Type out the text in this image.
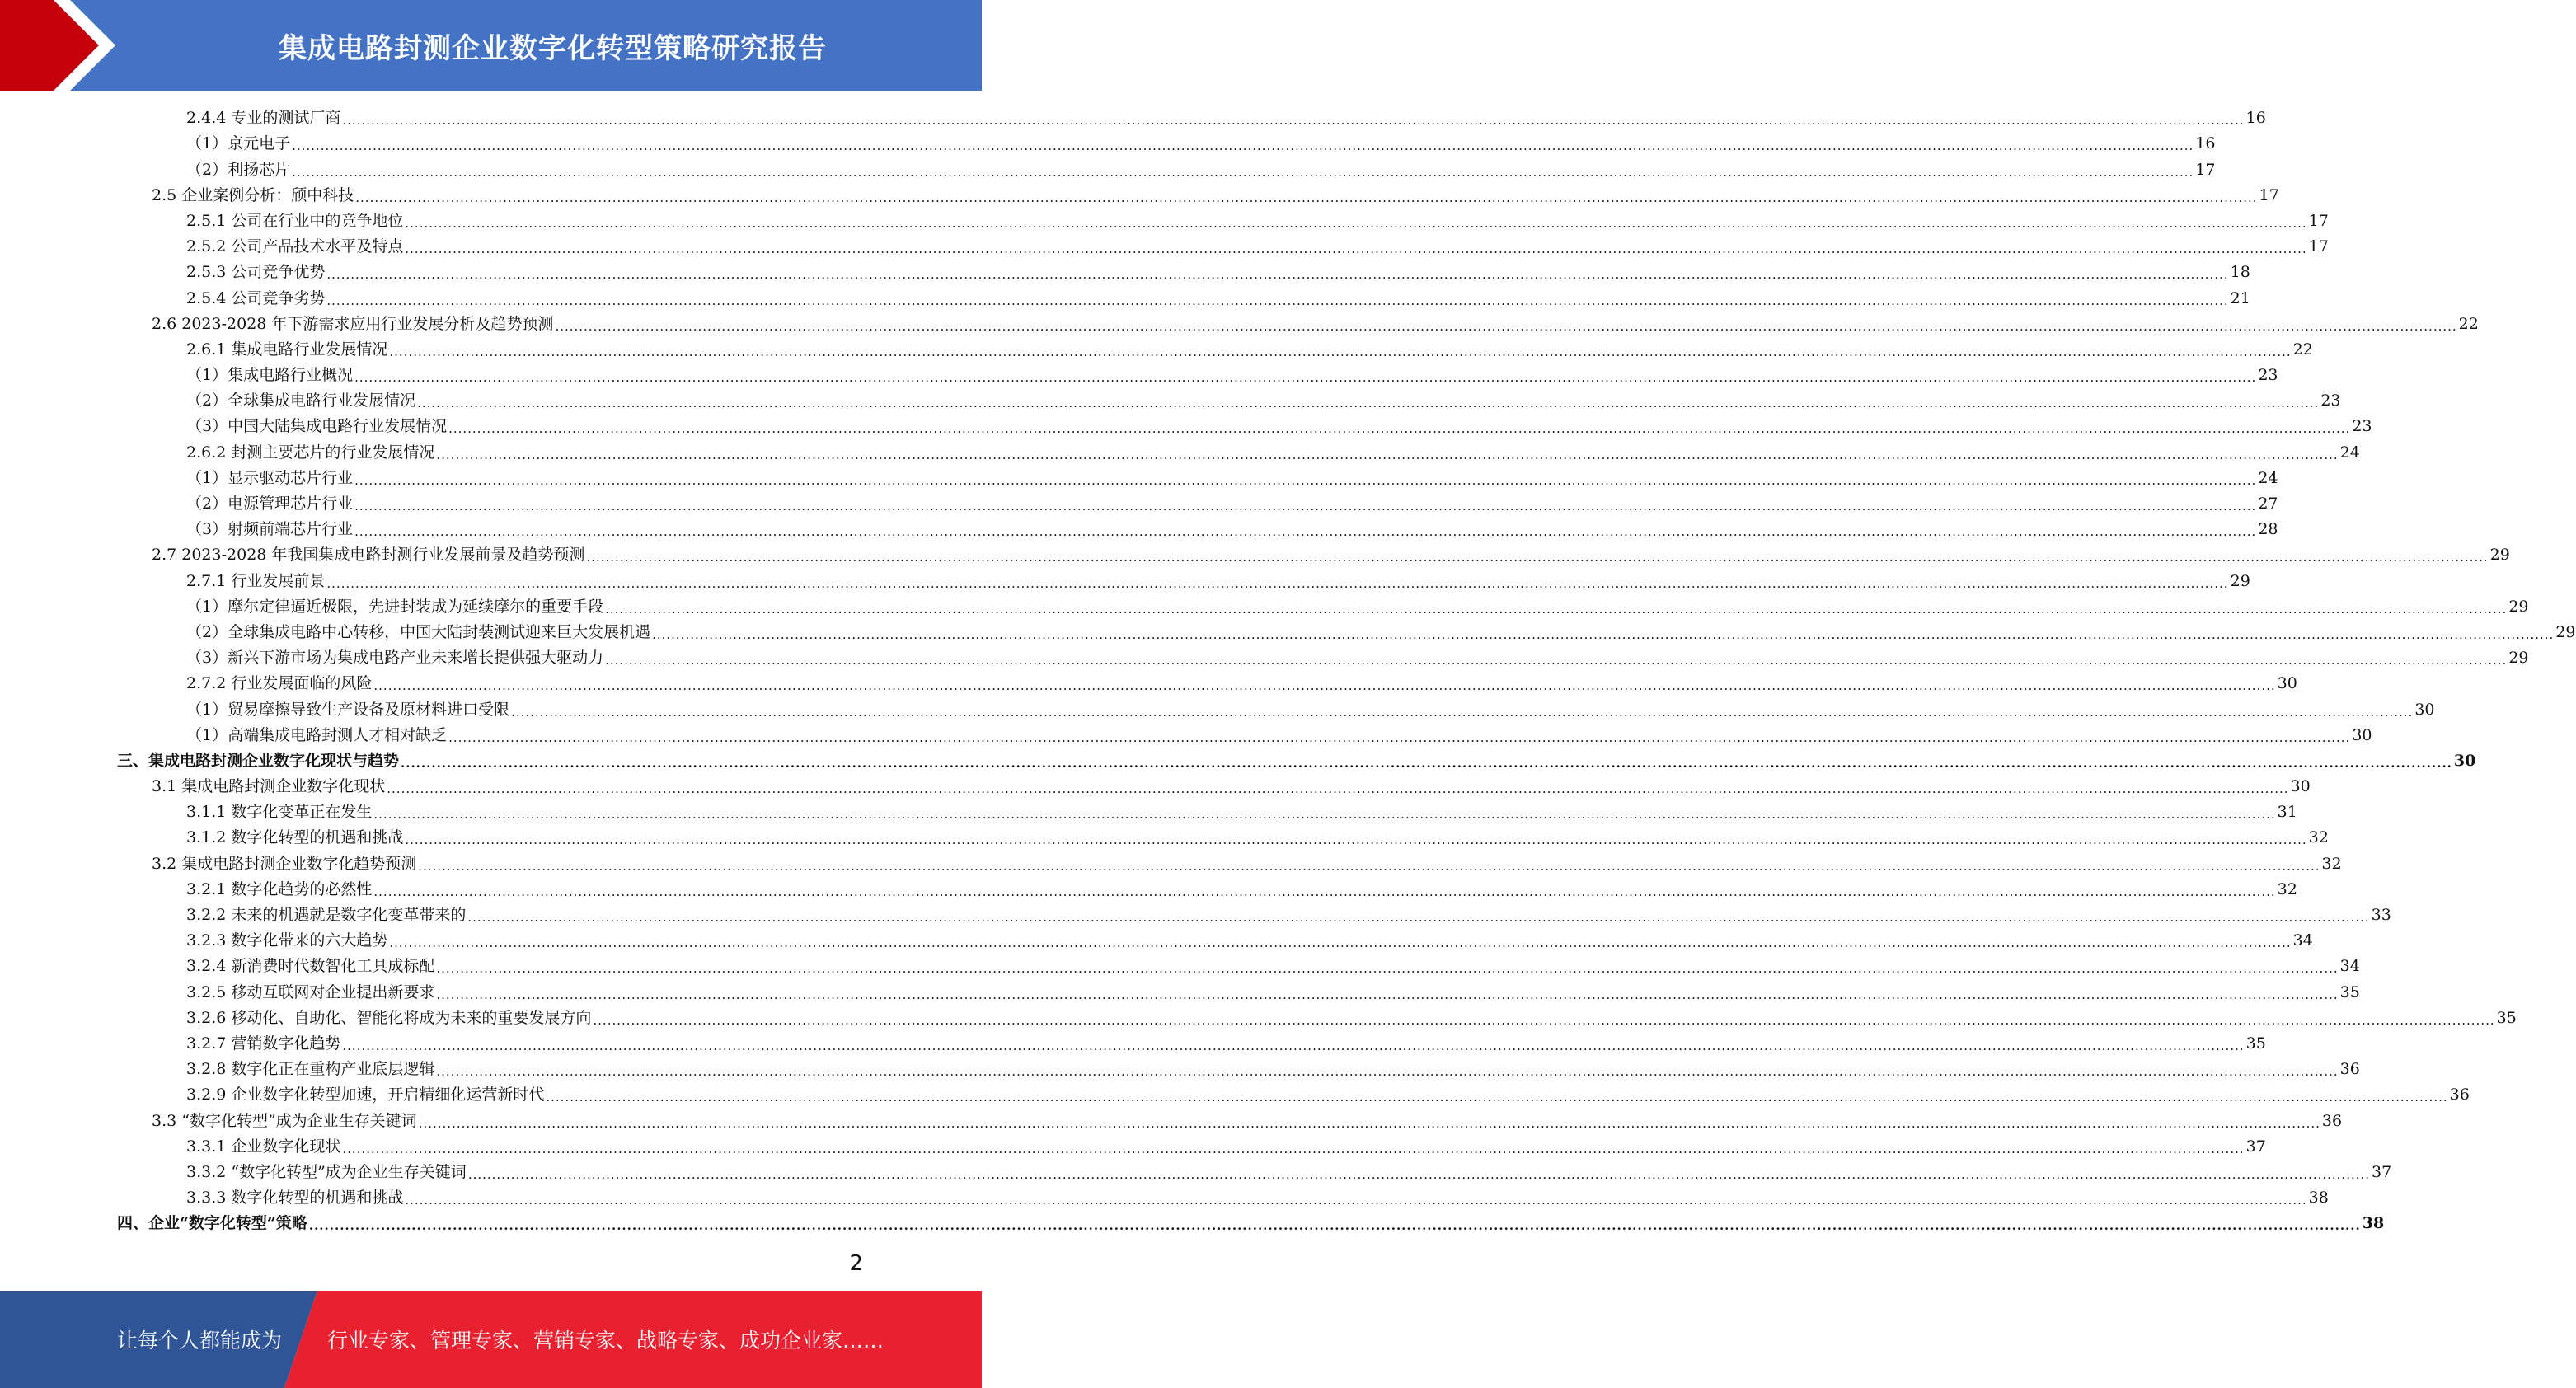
集成电路封测企业数字化转型策略研究报告
2.4.4 专业的测试厂商 ................................................................................................................................................................................................................................................................................................................................................................................................................ 16
（1）京元电子 ................................................................................................................................................................................................................................................................................................................................................................................................................ 16
（2）利扬芯片 ................................................................................................................................................................................................................................................................................................................................................................................................................ 17
2.5 企业案例分析：颀中科技 ................................................................................................................................................................................................................................................................................................................................................................................................................ 17
2.5.1 公司在行业中的竞争地位 ................................................................................................................................................................................................................................................................................................................................................................................................................ 17
2.5.2 公司产品技术水平及特点 ................................................................................................................................................................................................................................................................................................................................................................................................................ 17
2.5.3 公司竞争优势 ................................................................................................................................................................................................................................................................................................................................................................................................................ 18
2.5.4 公司竞争劣势 ................................................................................................................................................................................................................................................................................................................................................................................................................ 21
2.6 2023-2028 年下游需求应用行业发展分析及趋势预测 ................................................................................................................................................................................................................................................................................................................................................................................................................ 22
2.6.1 集成电路行业发展情况 ................................................................................................................................................................................................................................................................................................................................................................................................................ 22
（1）集成电路行业概况 ................................................................................................................................................................................................................................................................................................................................................................................................................ 23
（2）全球集成电路行业发展情况 ................................................................................................................................................................................................................................................................................................................................................................................................................ 23
（3）中国大陆集成电路行业发展情况 ................................................................................................................................................................................................................................................................................................................................................................................................................ 23
2.6.2 封测主要芯片的行业发展情况 ................................................................................................................................................................................................................................................................................................................................................................................................................ 24
（1）显示驱动芯片行业 ................................................................................................................................................................................................................................................................................................................................................................................................................ 24
（2）电源管理芯片行业 ................................................................................................................................................................................................................................................................................................................................................................................................................ 27
（3）射频前端芯片行业 ................................................................................................................................................................................................................................................................................................................................................................................................................ 28
2.7 2023-2028 年我国集成电路封测行业发展前景及趋势预测 ................................................................................................................................................................................................................................................................................................................................................................................................................ 29
2.7.1 行业发展前景 ................................................................................................................................................................................................................................................................................................................................................................................................................ 29
（1）摩尔定律逼近极限，先进封装成为延续摩尔的重要手段 ................................................................................................................................................................................................................................................................................................................................................................................................................ 29
（2）全球集成电路中心转移，中国大陆封装测试迎来巨大发展机遇 ................................................................................................................................................................................................................................................................................................................................................................................................................ 29
（3）新兴下游市场为集成电路产业未来增长提供强大驱动力 ................................................................................................................................................................................................................................................................................................................................................................................................................ 29
2.7.2 行业发展面临的风险 ................................................................................................................................................................................................................................................................................................................................................................................................................ 30
（1）贸易摩擦导致生产设备及原材料进口受限 ................................................................................................................................................................................................................................................................................................................................................................................................................ 30
（1）高端集成电路封测人才相对缺乏 ................................................................................................................................................................................................................................................................................................................................................................................................................ 30
三、集成电路封测企业数字化现状与趋势 ................................................................................................................................................................................................................................................................................................................................................................................................................ 30
3.1 集成电路封测企业数字化现状 ................................................................................................................................................................................................................................................................................................................................................................................................................ 30
3.1.1 数字化变革正在发生 ................................................................................................................................................................................................................................................................................................................................................................................................................ 31
3.1.2 数字化转型的机遇和挑战 ................................................................................................................................................................................................................................................................................................................................................................................................................ 32
3.2 集成电路封测企业数字化趋势预测 ................................................................................................................................................................................................................................................................................................................................................................................................................ 32
3.2.1 数字化趋势的必然性 ................................................................................................................................................................................................................................................................................................................................................................................................................ 32
3.2.2 未来的机遇就是数字化变革带来的 ................................................................................................................................................................................................................................................................................................................................................................................................................ 33
3.2.3 数字化带来的六大趋势 ................................................................................................................................................................................................................................................................................................................................................................................................................ 34
3.2.4 新消费时代数智化工具成标配 ................................................................................................................................................................................................................................................................................................................................................................................................................ 34
3.2.5 移动互联网对企业提出新要求 ................................................................................................................................................................................................................................................................................................................................................................................................................ 35
3.2.6 移动化、自助化、智能化将成为未来的重要发展方向 ................................................................................................................................................................................................................................................................................................................................................................................................................ 35
3.2.7 营销数字化趋势 ................................................................................................................................................................................................................................................................................................................................................................................................................ 35
3.2.8 数字化正在重构产业底层逻辑 ................................................................................................................................................................................................................................................................................................................................................................................................................ 36
3.2.9 企业数字化转型加速，开启精细化运营新时代 ................................................................................................................................................................................................................................................................................................................................................................................................................ 36
3.3 “数字化转型”成为企业生存关键词 ................................................................................................................................................................................................................................................................................................................................................................................................................ 36
3.3.1 企业数字化现状 ................................................................................................................................................................................................................................................................................................................................................................................................................ 37
3.3.2 “数字化转型”成为企业生存关键词 ................................................................................................................................................................................................................................................................................................................................................................................................................ 37
3.3.3 数字化转型的机遇和挑战 ................................................................................................................................................................................................................................................................................................................................................................................................................ 38
四、企业“数字化转型”策略 ................................................................................................................................................................................................................................................................................................................................................................................................................ 38
2
让每个人都能成为 行业专家、管理专家、营销专家、战略专家、成功企业家……
